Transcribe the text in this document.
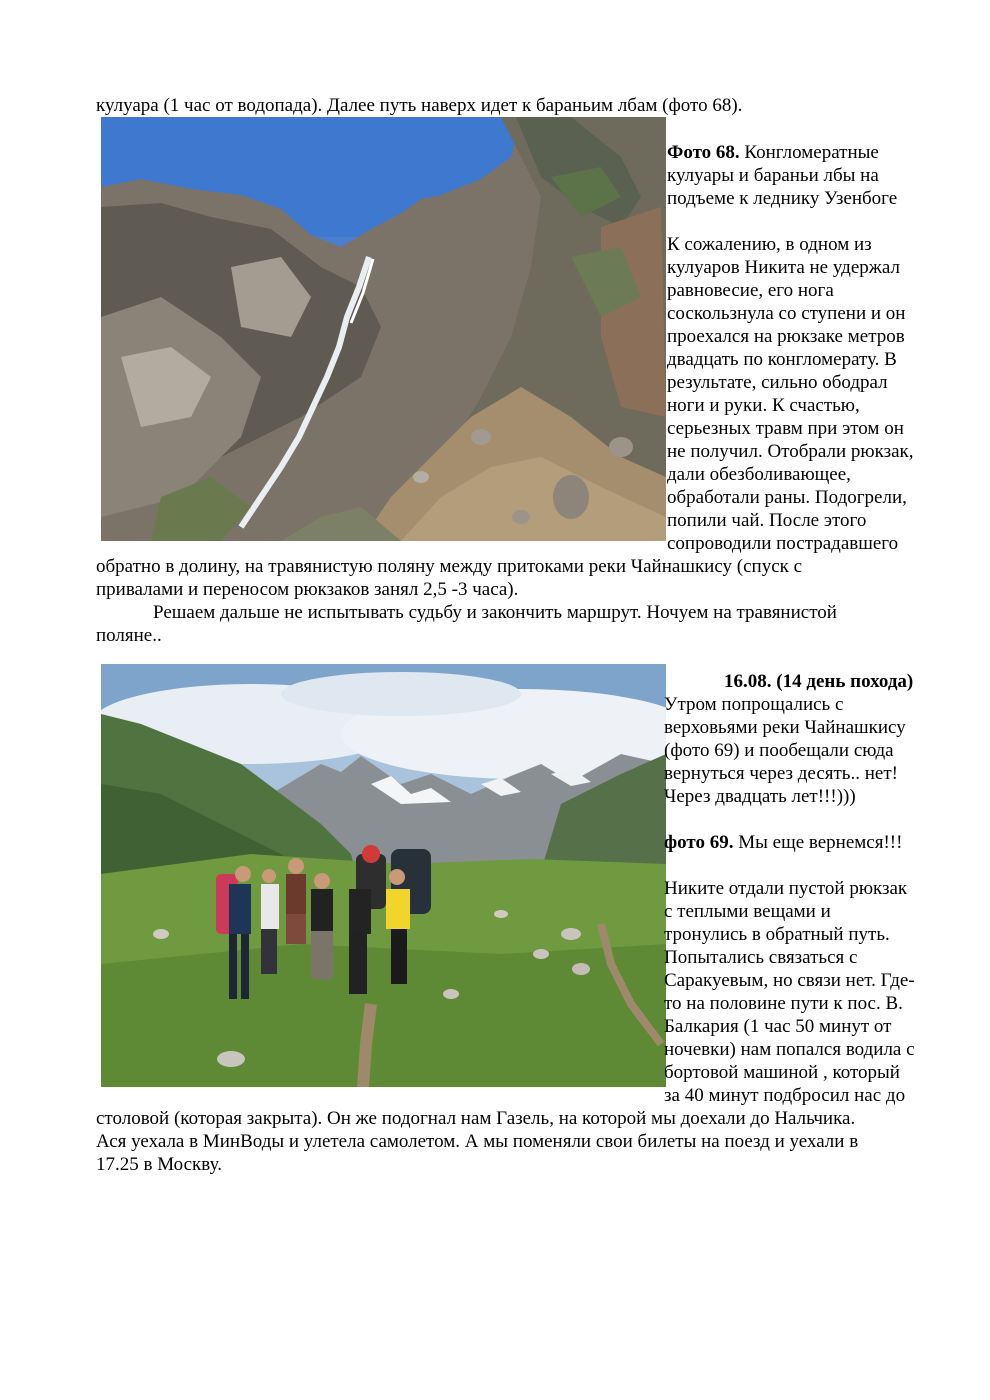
кулуара (1 час от водопада). Далее путь наверх идет к бараньим лбам (фото 68).
Фото 68. Конгломератные
кулуары и бараньи лбы на
подъеме к леднику Узенбоге
К сожалению, в одном из
кулуаров Никита не удержал
равновесие, его нога
соскользнула со ступени и он
проехался на рюкзаке метров
двадцать по конгломерату. В
результате, сильно ободрал
ноги и руки. К счастью,
серьезных травм при этом он
не получил. Отобрали рюкзак,
дали обезболивающее,
обработали раны. Подогрели,
попили чай. После этого
сопроводили пострадавшего
обратно в долину, на травянистую поляну между притоками реки Чайнашкису (спуск с
привалами и переносом рюкзаков занял 2,5 -3 часа).
Решаем дальше не испытывать судьбу и закончить маршрут. Ночуем на травянистой
поляне..
16.08. (14 день похода)
Утром попрощались с
верховьями реки Чайнашкису
(фото 69) и пообещали сюда
вернуться через десять.. нет!
Через двадцать лет!!!)))
фото 69. Мы еще вернемся!!!
Никите отдали пустой рюкзак
с теплыми вещами и
тронулись в обратный путь.
Попытались связаться с
Саракуевым, но связи нет. Где-
то на половине пути к пос. В.
Балкария (1 час 50 минут от
ночевки) нам попался водила с
бортовой машиной , который
за 40 минут подбросил нас до
столовой (которая закрыта). Он же подогнал нам Газель, на которой мы доехали до Нальчика.
Ася уехала в МинВоды и улетела самолетом. А мы поменяли свои билеты на поезд и уехали в
17.25 в Москву.
